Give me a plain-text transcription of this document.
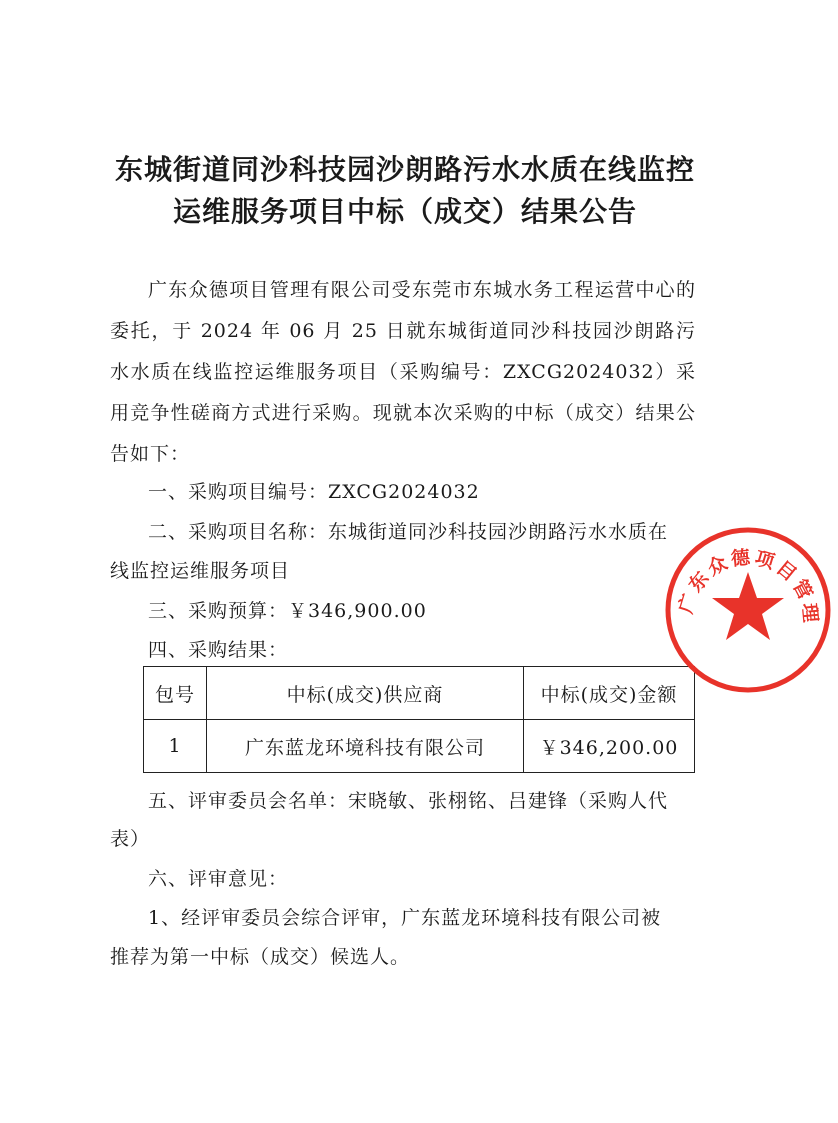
东城街道同沙科技园沙朗路污水水质在线监控
运维服务项目中标（成交）结果公告

广东众德项目管理有限公司受东莞市东城水务工程运营中心的委托，于 2024 年 06 月 25 日就东城街道同沙科技园沙朗路污水水质在线监控运维服务项目（采购编号：ZXCG2024032）采用竞争性磋商方式进行采购。现就本次采购的中标（成交）结果公告如下：

一、采购项目编号：ZXCG2024032

二、采购项目名称：东城街道同沙科技园沙朗路污水水质在

线监控运维服务项目

三、采购预算：￥346,900.00

四、采购结果：

包号	中标(成交)供应商	中标(成交)金额
1	广东蓝龙环境科技有限公司	￥346,200.00

五、评审委员会名单：宋晓敏、张栩铭、吕建锋（采购人代

表）

六、评审意见：

1、经评审委员会综合评审，广东蓝龙环境科技有限公司被

推荐为第一中标（成交）候选人。

广东众德项目管理
